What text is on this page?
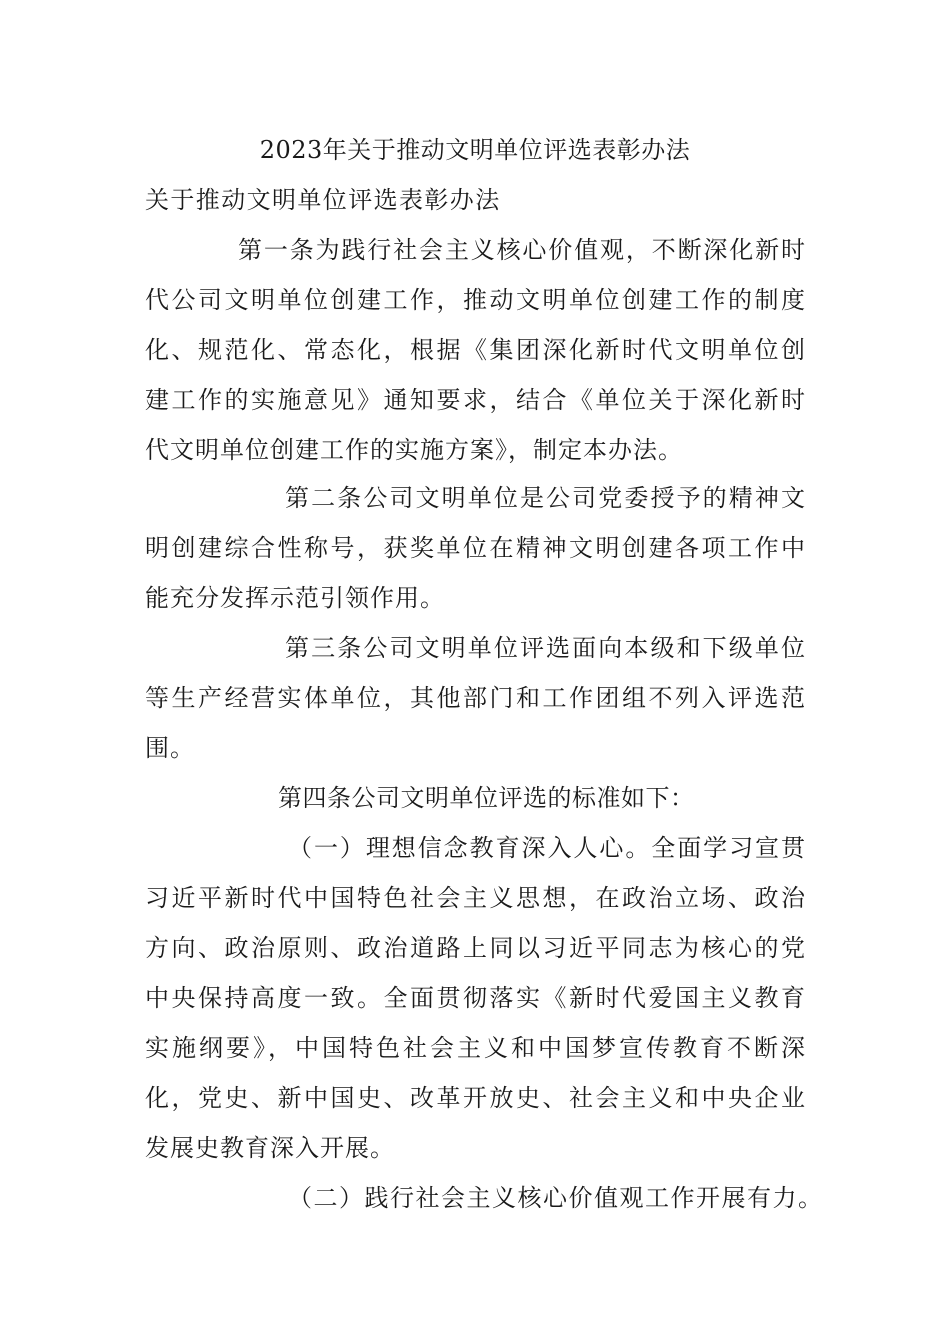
2023年关于推动文明单位评选表彰办法
关于推动文明单位评选表彰办法
第一条为践行社会主义核心价值观，不断深化新时
代公司文明单位创建工作，推动文明单位创建工作的制度
化、规范化、常态化，根据《集团深化新时代文明单位创
建工作的实施意见》通知要求，结合《单位关于深化新时
代文明单位创建工作的实施方案》，制定本办法。
第二条公司文明单位是公司党委授予的精神文
明创建综合性称号，获奖单位在精神文明创建各项工作中
能充分发挥示范引领作用。
第三条公司文明单位评选面向本级和下级单位
等生产经营实体单位，其他部门和工作团组不列入评选范
围。
第四条公司文明单位评选的标准如下：
（一）理想信念教育深入人心。全面学习宣贯
习近平新时代中国特色社会主义思想，在政治立场、政治
方向、政治原则、政治道路上同以习近平同志为核心的党
中央保持高度一致。全面贯彻落实《新时代爱国主义教育
实施纲要》，中国特色社会主义和中国梦宣传教育不断深
化，党史、新中国史、改革开放史、社会主义和中央企业
发展史教育深入开展。
（二）践行社会主义核心价值观工作开展有力。
